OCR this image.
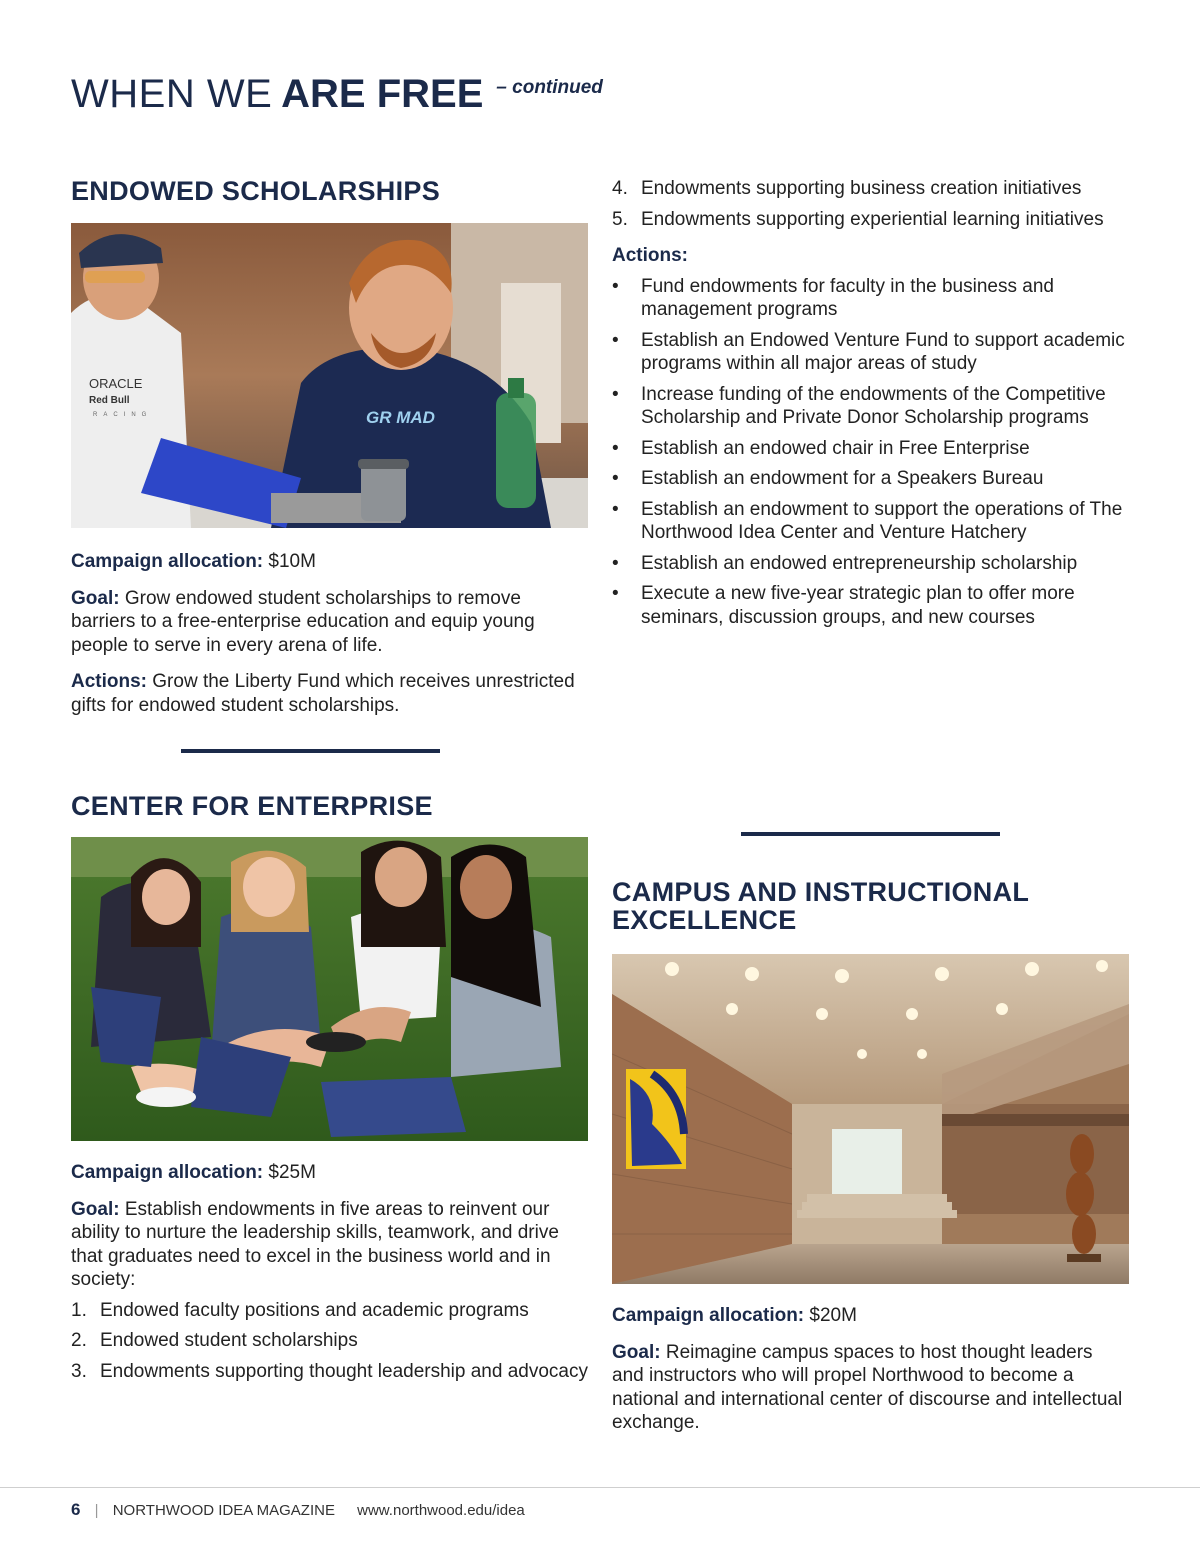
WHEN WE ARE FREE $^{- continued}$
ENDOWED SCHOLARSHIPS
ORACLE
Red Bull
RACING	GR MAD

Campaign allocation: $10M

Goal: Grow endowed student scholarships to remove barriers to a free-enterprise education and equip young people to serve in every arena of life.

Actions: Grow the Liberty Fund which receives unrestricted gifts for endowed student scholarships.

CENTER FOR ENTERPRISE

Campaign allocation: $25M

Goal: Establish endowments in five areas to reinvent our ability to nurture the leadership skills, teamwork, and drive that graduates need to excel in the business world and in society:

1. Endowed faculty positions and academic programs
2. Endowed student scholarships
3. Endowments supporting thought leadership and advocacy
4. Endowments supporting business creation initiatives
5. Endowments supporting experiential learning initiatives

Actions:

• Fund endowments for faculty in the business and management programs
• Establish an Endowed Venture Fund to support academic programs within all major areas of study
• Increase funding of the endowments of the Competitive Scholarship and Private Donor Scholarship programs
• Establish an endowed chair in Free Enterprise
• Establish an endowment for a Speakers Bureau
• Establish an endowment to support the operations of The Northwood Idea Center and Venture Hatchery
• Establish an endowed entrepreneurship scholarship
• Execute a new five-year strategic plan to offer more seminars, discussion groups, and new courses
CAMPUS AND INSTRUCTIONAL
EXCELLENCE

Campaign allocation: $20M

Goal: Reimagine campus spaces to host thought leaders and instructors who will propel Northwood to become a national and international center of discourse and intellectual exchange.

6 | NORTHWOOD IDEA MAGAZINE www.northwood.edu/idea
